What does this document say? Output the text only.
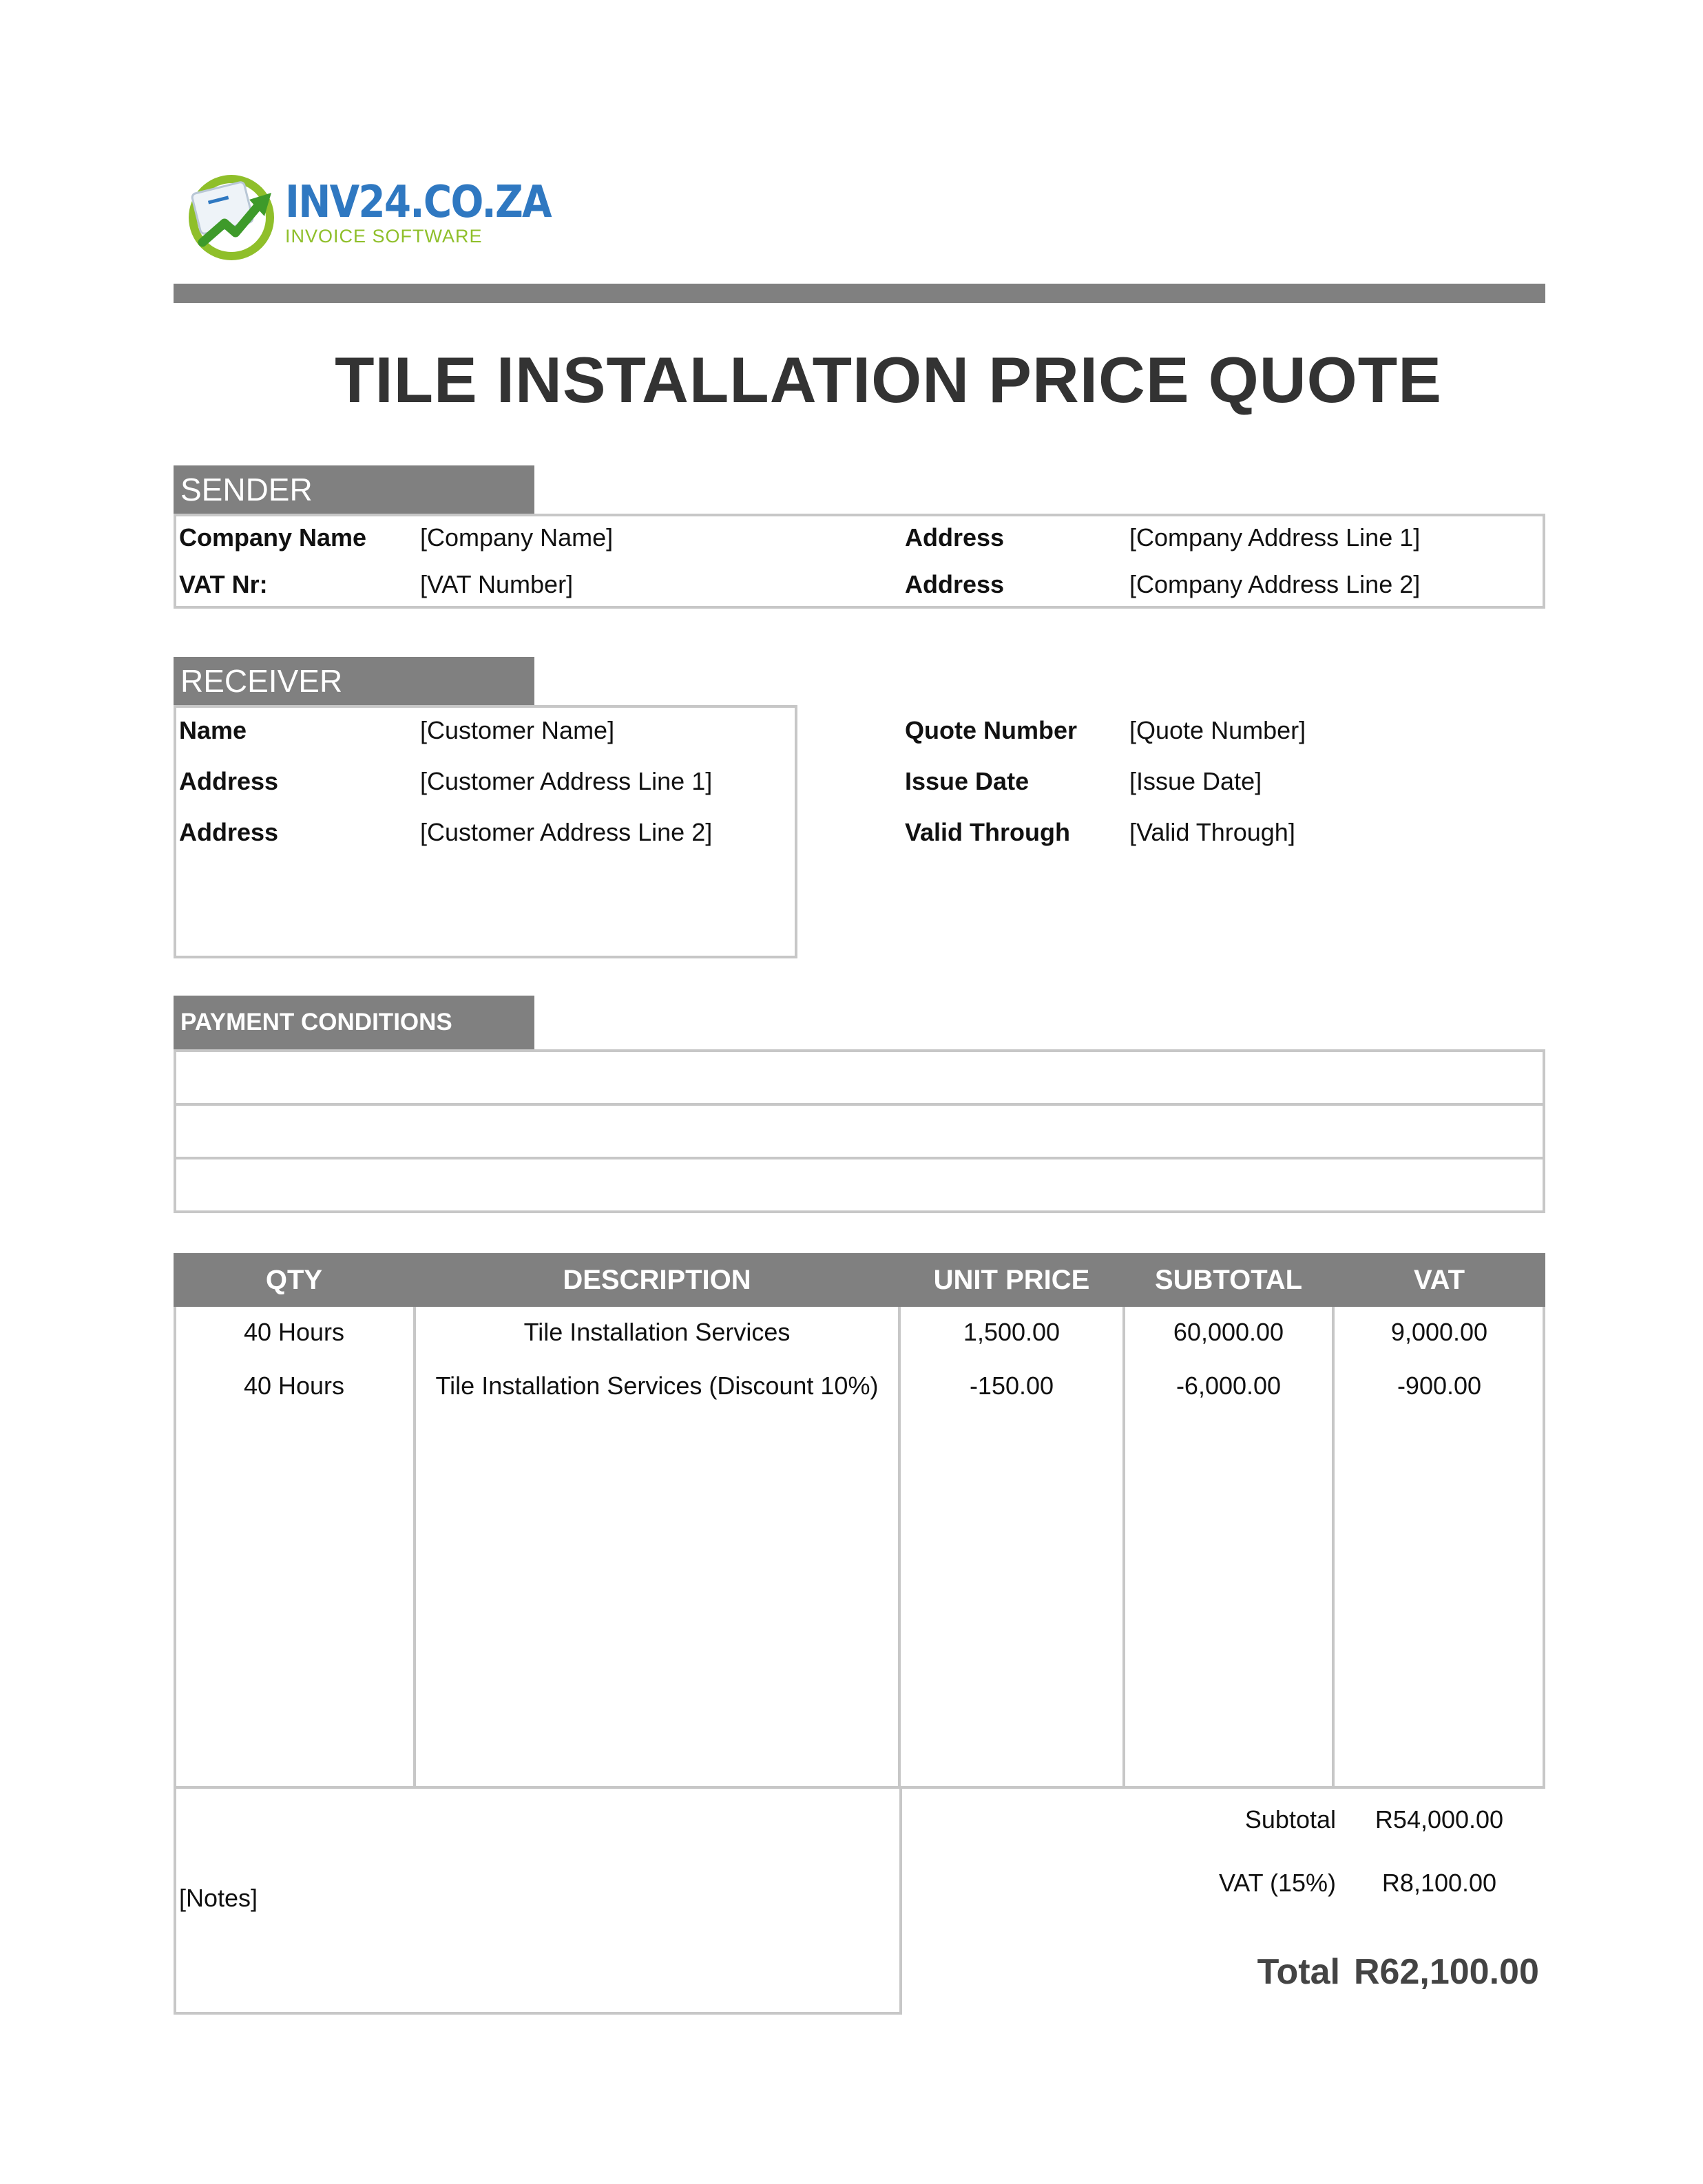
INV24.CO.ZA
INVOICE SOFTWARE
TILE INSTALLATION PRICE QUOTE
SENDER
Company Name [Company Name]
VAT Nr:	[VAT Number]
Address	[Company Address Line 1]
Address	[Company Address Line 2]
RECEIVER
Name	[Customer Name]
Address	[Customer Address Line 1]
Address	[Customer Address Line 2]
Quote Number [Quote Number]
Issue Date	[Issue Date]
Valid Through [Valid Through]
PAYMENT CONDITIONS
QTY	DESCRIPTION	UNIT PRICE	SUBTOTAL	VAT
40 Hours	Tile Installation Services	1,500.00	60,000.00	9,000.00
40 Hours	Tile Installation Services (Discount 10%)	-150.00	-6,000.00	-900.00
[Notes]
Subtotal	R54,000.00
VAT (15%)	R8,100.00
Total R62,100.00
